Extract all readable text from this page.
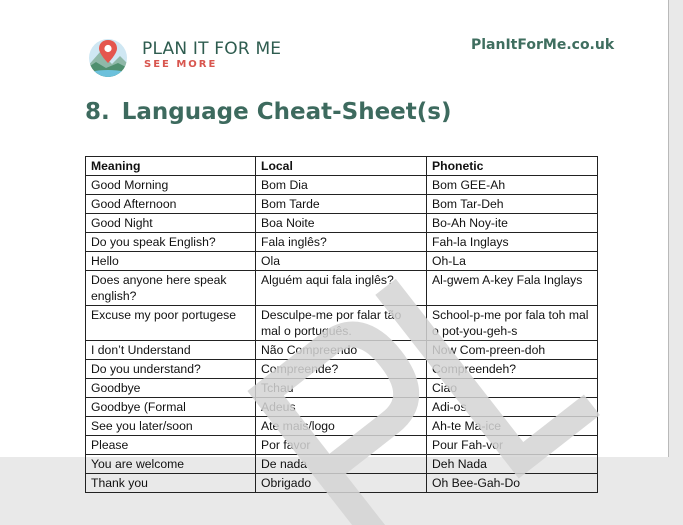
PLAN IT FOR ME
SEE MORE
PlanItForMe.co.uk
8. Language Cheat-Sheet(s)
Meaning	Local	Phonetic
Good Morning	Bom Dia	Bom GEE-Ah
Good Afternoon	Bom Tarde	Bom Tar-Deh
Good Night	Boa Noite	Bo-Ah Noy-ite
Do you speak English?	Fala inglês?	Fah-la Inglays
Hello	Ola	Oh-La
Does anyone here speak english?	Alguém aqui fala inglês?	Al-gwem A-key Fala Inglays
Excuse my poor portugese	Desculpe-me por falar tão mal o português.	School-p-me por fala toh mal o pot-you-geh-s
I don’t Understand	Não Compreendo	Now Com-preen-doh
Do you understand?	Compreende?	Compreendeh?
Goodbye	Tchau	Ciao
Goodbye (Formal	Adeus	Adi-os
See you later/soon	Ate mais/logo	Ah-te Ma-ice
Please	Por favor	Pour Fah-vor
You are welcome	De nada	Deh Nada
Thank you	Obrigado	Oh Bee-Gah-Do
